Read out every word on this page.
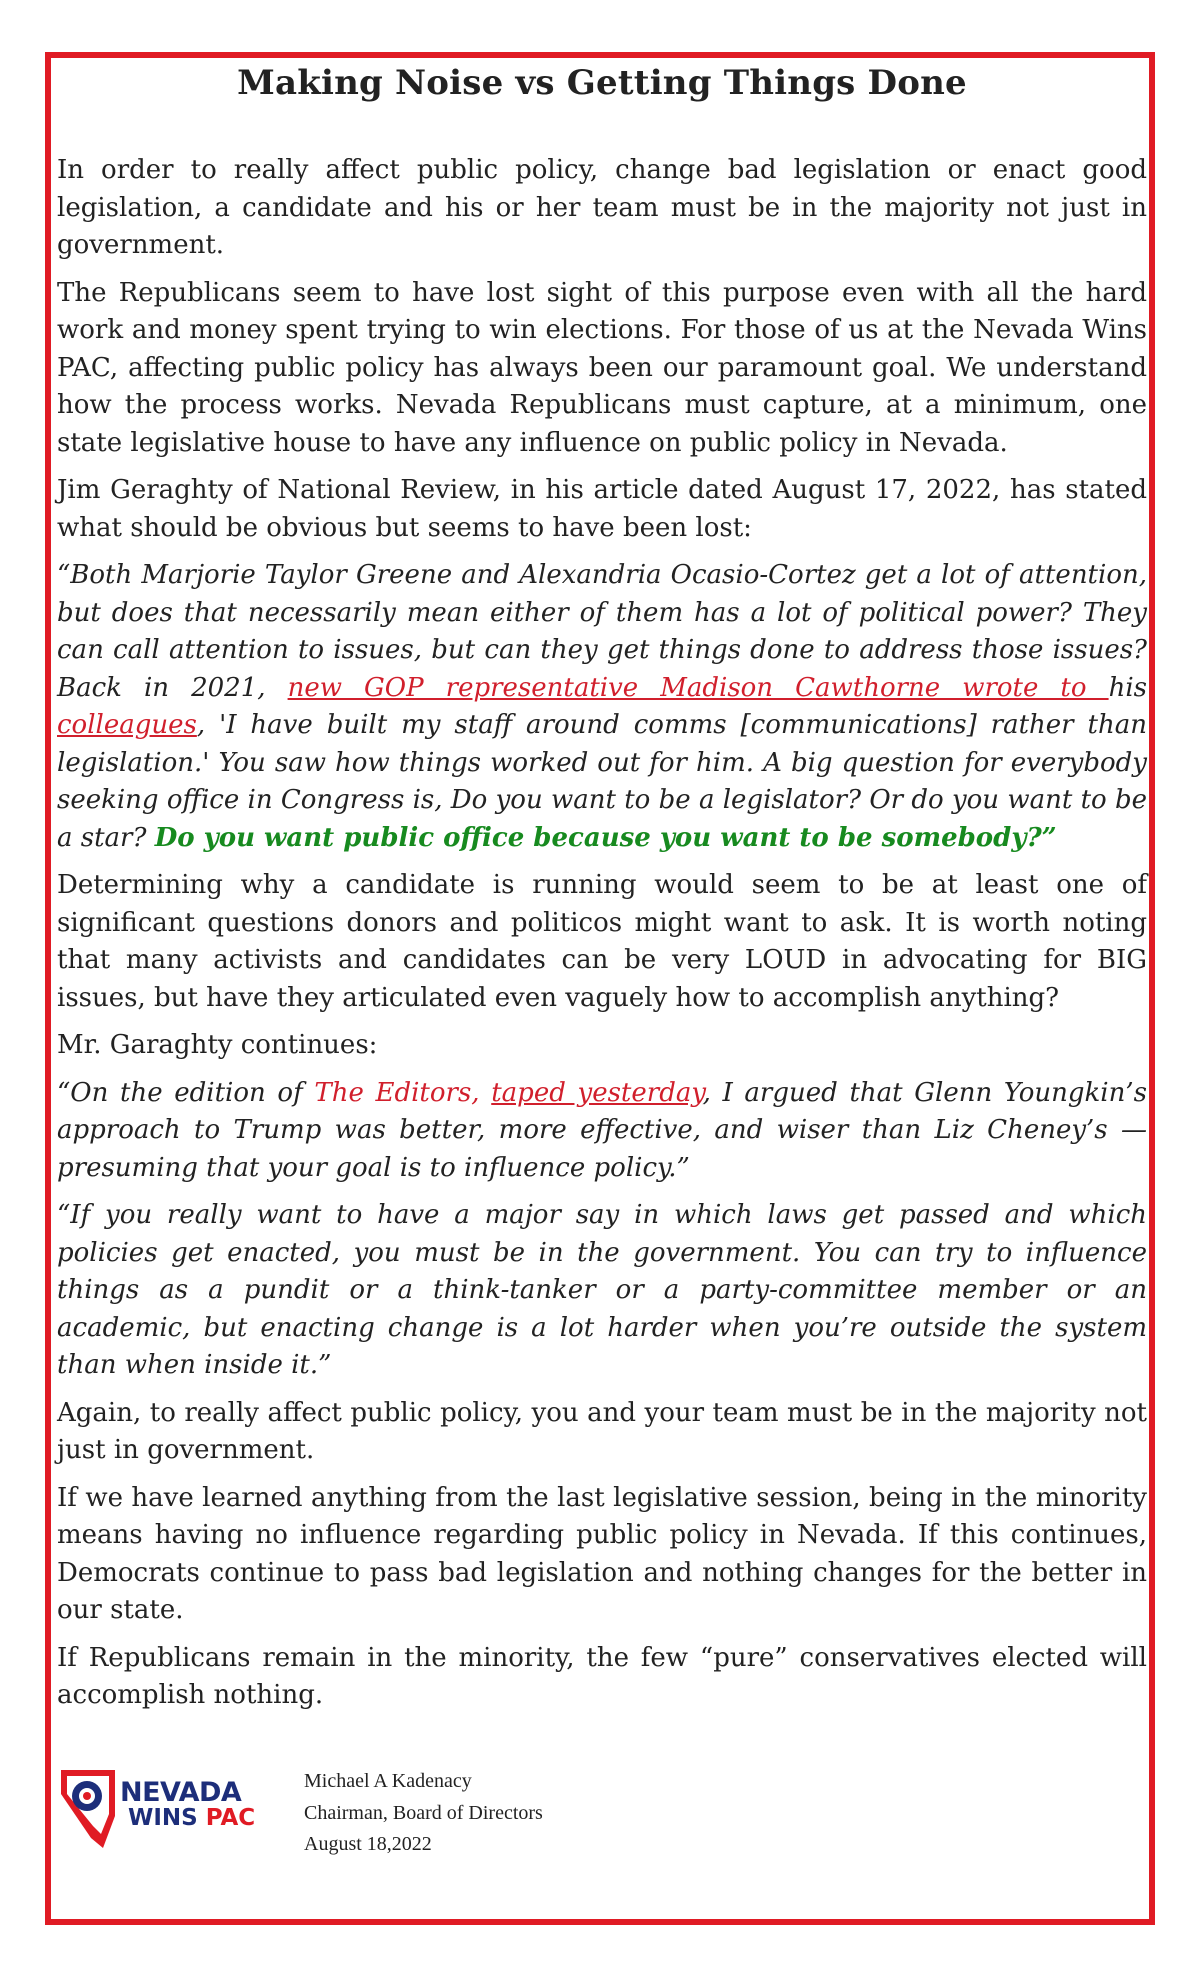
Making Noise vs Getting Things Done

In order to really affect public policy, change bad legislation or enact good legislation, a candidate and his or her team must be in the majority not just in government.

The Republicans seem to have lost sight of this purpose even with all the hard work and money spent trying to win elections. For those of us at the Nevada Wins PAC, affecting public policy has always been our paramount goal. We understand how the process works. Nevada Republicans must capture, at a minimum, one state legislative house to have any influence on public policy in Nevada.

Jim Geraghty of National Review, in his article dated August 17, 2022, has stated what should be obvious but seems to have been lost:

“Both Marjorie Taylor Greene and Alexandria Ocasio-Cortez get a lot of attention, but does that necessarily mean either of them has a lot of political power? They can call attention to issues, but can they get things done to address those issues? Back in 2021, new GOP representative Madison Cawthorne wrote to his colleagues, 'I have built my staff around comms [communications] rather than legislation.' You saw how things worked out for him. A big question for everybody seeking office in Congress is, Do you want to be a legislator? Or do you want to be a star? Do you want public office because you want to be somebody?”

Determining why a candidate is running would seem to be at least one of significant questions donors and politicos might want to ask. It is worth noting that many activists and candidates can be very LOUD in advocating for BIG issues, but have they articulated even vaguely how to accomplish anything?

Mr. Garaghty continues:

“On the edition of The Editors, taped yesterday, I argued that Glenn Youngkin’s approach to Trump was better, more effective, and wiser than Liz Cheney’s — presuming that your goal is to influence policy.”

“If you really want to have a major say in which laws get passed and which policies get enacted, you must be in the government. You can try to influence things as a pundit or a think-tanker or a party-committee member or an academic, but enacting change is a lot harder when you’re outside the system than when inside it.”

Again, to really affect public policy, you and your team must be in the majority not just in government.

If we have learned anything from the last legislative session, being in the minority means having no influence regarding public policy in Nevada. If this continues, Democrats continue to pass bad legislation and nothing changes for the better in our state.

If Republicans remain in the minority, the few “pure” conservatives elected will accomplish nothing.

NEVADA
WINS PAC
Michael A Kadenacy
Chairman, Board of Directors
August 18,2022
